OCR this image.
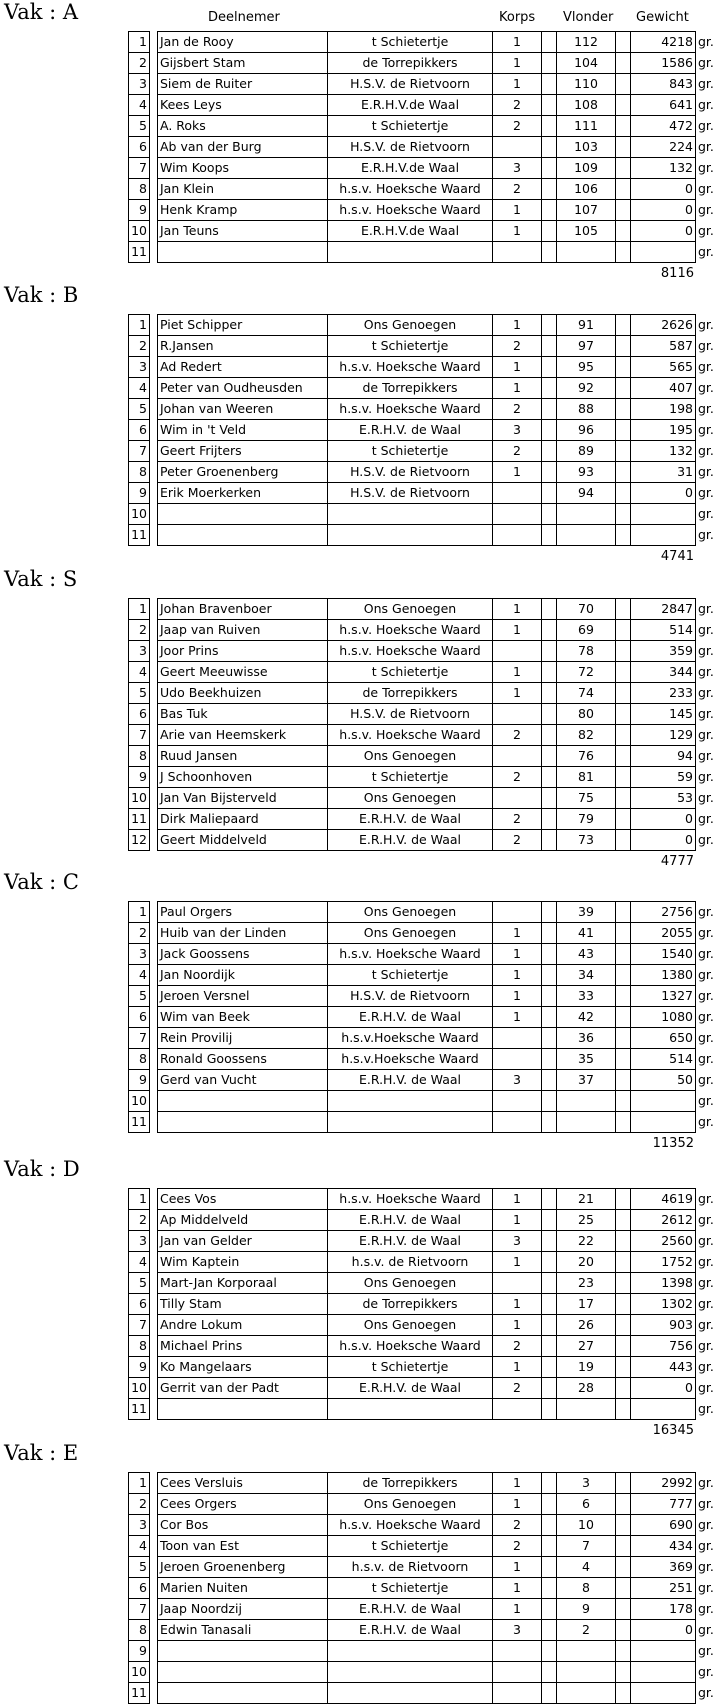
Deelnemer	Korps Vlonder Gewicht
Vak : A
1		Jan de Rooy	t Schietertje	1		112		4218	gr.
2		Gijsbert Stam	de Torrepikkers	1		104		1586	gr.
3		Siem de Ruiter	H.S.V. de Rietvoorn	1		110		843	gr.
4		Kees Leys	E.R.H.V.de Waal	2		108		641	gr.
5		A. Roks	t Schietertje	2		111		472	gr.
6		Ab van der Burg	H.S.V. de Rietvoorn			103		224	gr.
7		Wim Koops	E.R.H.V.de Waal	3		109		132	gr.
8		Jan Klein	h.s.v. Hoeksche Waard	2		106		0	gr.
9		Henk Kramp	h.s.v. Hoeksche Waard	1		107		0	gr.
10		Jan Teuns	E.R.H.V.de Waal	1		105		0	gr.
11									gr.
8116
Vak : B
1		Piet Schipper	Ons Genoegen	1		91		2626	gr.
2		R.Jansen	t Schietertje	2		97		587	gr.
3		Ad Redert	h.s.v. Hoeksche Waard	1		95		565	gr.
4		Peter van Oudheusden	de Torrepikkers	1		92		407	gr.
5		Johan van Weeren	h.s.v. Hoeksche Waard	2		88		198	gr.
6		Wim in 't Veld	E.R.H.V. de Waal	3		96		195	gr.
7		Geert Frijters	t Schietertje	2		89		132	gr.
8		Peter Groenenberg	H.S.V. de Rietvoorn	1		93		31	gr.
9		Erik Moerkerken	H.S.V. de Rietvoorn			94		0	gr.
10									gr.
11									gr.
4741
Vak : S
1		Johan Bravenboer	Ons Genoegen	1		70		2847	gr.
2		Jaap van Ruiven	h.s.v. Hoeksche Waard	1		69		514	gr.
3		Joor Prins	h.s.v. Hoeksche Waard			78		359	gr.
4		Geert Meeuwisse	t Schietertje	1		72		344	gr.
5		Udo Beekhuizen	de Torrepikkers	1		74		233	gr.
6		Bas Tuk	H.S.V. de Rietvoorn			80		145	gr.
7		Arie van Heemskerk	h.s.v. Hoeksche Waard	2		82		129	gr.
8		Ruud Jansen	Ons Genoegen			76		94	gr.
9		J Schoonhoven	t Schietertje	2		81		59	gr.
10		Jan Van Bijsterveld	Ons Genoegen			75		53	gr.
11		Dirk Maliepaard	E.R.H.V. de Waal	2		79		0	gr.
12		Geert Middelveld	E.R.H.V. de Waal	2		73		0	gr.
4777
Vak : C
1		Paul Orgers	Ons Genoegen			39		2756	gr.
2		Huib van der Linden	Ons Genoegen	1		41		2055	gr.
3		Jack Goossens	h.s.v. Hoeksche Waard	1		43		1540	gr.
4		Jan Noordijk	t Schietertje	1		34		1380	gr.
5		Jeroen Versnel	H.S.V. de Rietvoorn	1		33		1327	gr.
6		Wim van Beek	E.R.H.V. de Waal	1		42		1080	gr.
7		Rein Provilij	h.s.v.Hoeksche Waard			36		650	gr.
8		Ronald Goossens	h.s.v.Hoeksche Waard			35		514	gr.
9		Gerd van Vucht	E.R.H.V. de Waal	3		37		50	gr.
10									gr.
11									gr.
11352
Vak : D
1		Cees Vos	h.s.v. Hoeksche Waard	1		21		4619	gr.
2		Ap Middelveld	E.R.H.V. de Waal	1		25		2612	gr.
3		Jan van Gelder	E.R.H.V. de Waal	3		22		2560	gr.
4		Wim Kaptein	h.s.v. de Rietvoorn	1		20		1752	gr.
5		Mart-Jan Korporaal	Ons Genoegen			23		1398	gr.
6		Tilly Stam	de Torrepikkers	1		17		1302	gr.
7		Andre Lokum	Ons Genoegen	1		26		903	gr.
8		Michael Prins	h.s.v. Hoeksche Waard	2		27		756	gr.
9		Ko Mangelaars	t Schietertje	1		19		443	gr.
10		Gerrit van der Padt	E.R.H.V. de Waal	2		28		0	gr.
11									gr.
16345
Vak : E
1		Cees Versluis	de Torrepikkers	1		3		2992	gr.
2		Cees Orgers	Ons Genoegen	1		6		777	gr.
3		Cor Bos	h.s.v. Hoeksche Waard	2		10		690	gr.
4		Toon van Est	t Schietertje	2		7		434	gr.
5		Jeroen Groenenberg	h.s.v. de Rietvoorn	1		4		369	gr.
6		Marien Nuiten	t Schietertje	1		8		251	gr.
7		Jaap Noordzij	E.R.H.V. de Waal	1		9		178	gr.
8		Edwin Tanasali	E.R.H.V. de Waal	3		2		0	gr.
9									gr.
10									gr.
11									gr.
